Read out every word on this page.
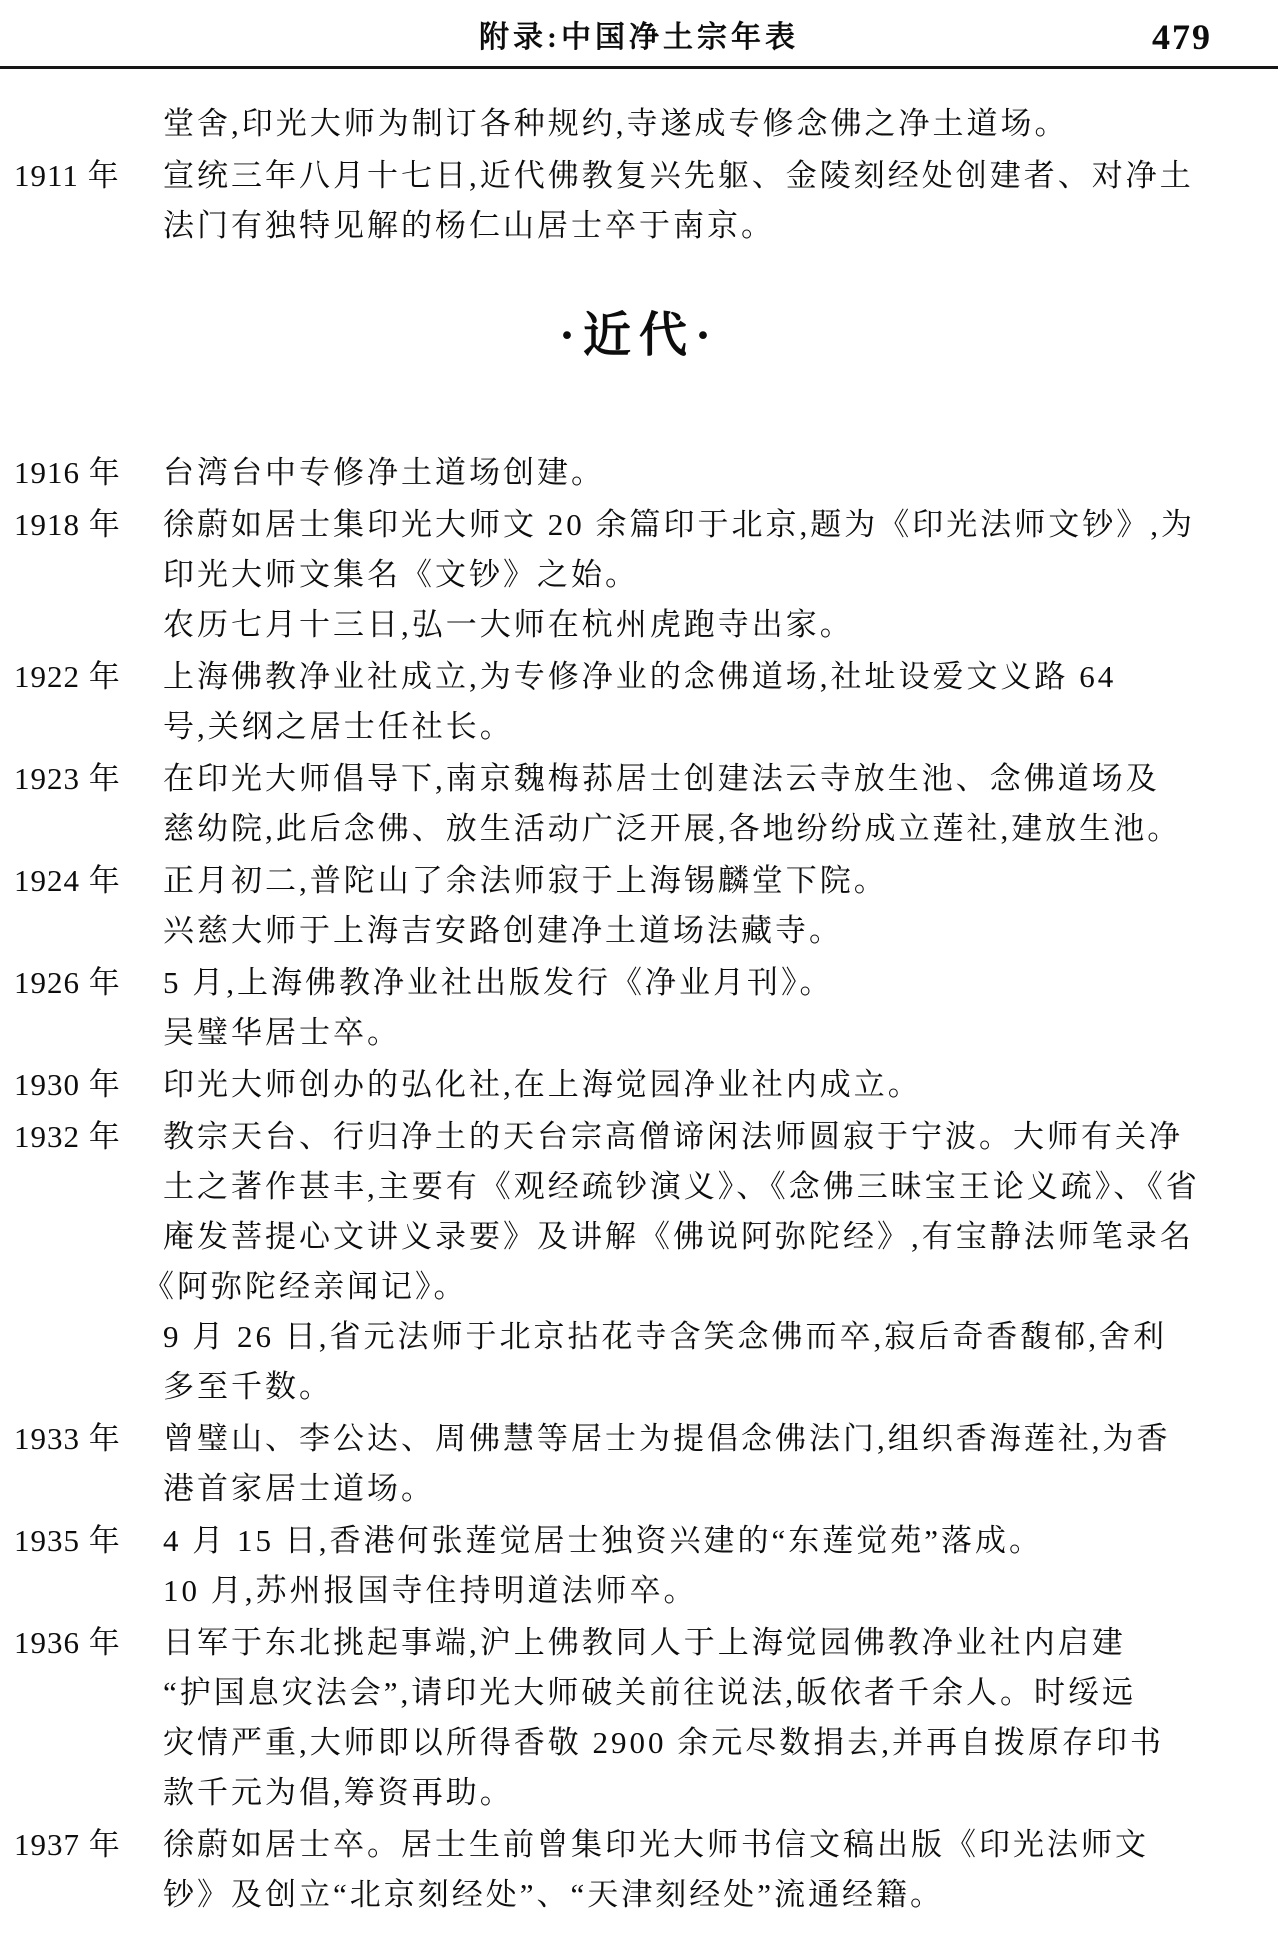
附录:中国净土宗年表	479
堂舍,印光大师为制订各种规约,寺遂成专修念佛之净土道场。
1911 年	宣统三年八月十七日,近代佛教复兴先躯、金陵刻经处创建者、对净土
法门有独特见解的杨仁山居士卒于南京。
·近代·
1916 年	台湾台中专修净土道场创建。
1918 年	徐蔚如居士集印光大师文 20 余篇印于北京,题为《印光法师文钞》,为
印光大师文集名《文钞》之始。
农历七月十三日,弘一大师在杭州虎跑寺出家。
1922 年	上海佛教净业社成立,为专修净业的念佛道场,社址设爱文义路 64
号,关纲之居士任社长。
1923 年	在印光大师倡导下,南京魏梅荪居士创建法云寺放生池、念佛道场及
慈幼院,此后念佛、放生活动广泛开展,各地纷纷成立莲社,建放生池。
1924 年	正月初二,普陀山了余法师寂于上海锡麟堂下院。
兴慈大师于上海吉安路创建净土道场法藏寺。
1926 年	5 月,上海佛教净业社出版发行《净业月刊》。
吴璧华居士卒。
1930 年	印光大师创办的弘化社,在上海觉园净业社内成立。
1932 年	教宗天台、行归净土的天台宗高僧谛闲法师圆寂于宁波。大师有关净
土之著作甚丰,主要有《观经疏钞演义》、《念佛三昧宝王论义疏》、《省
庵发菩提心文讲义录要》及讲解《佛说阿弥陀经》,有宝静法师笔录名
《阿弥陀经亲闻记》。
9 月 26 日,省元法师于北京拈花寺含笑念佛而卒,寂后奇香馥郁,舍利
多至千数。
1933 年	曾璧山、李公达、周佛慧等居士为提倡念佛法门,组织香海莲社,为香
港首家居士道场。
1935 年	4 月 15 日,香港何张莲觉居士独资兴建的“东莲觉苑”落成。
10 月,苏州报国寺住持明道法师卒。
1936 年	日军于东北挑起事端,沪上佛教同人于上海觉园佛教净业社内启建
“护国息灾法会”,请印光大师破关前往说法,皈依者千余人。时绥远
灾情严重,大师即以所得香敬 2900 余元尽数捐去,并再自拨原存印书
款千元为倡,筹资再助。
1937 年	徐蔚如居士卒。居士生前曾集印光大师书信文稿出版《印光法师文
钞》及创立“北京刻经处”、“天津刻经处”流通经籍。
